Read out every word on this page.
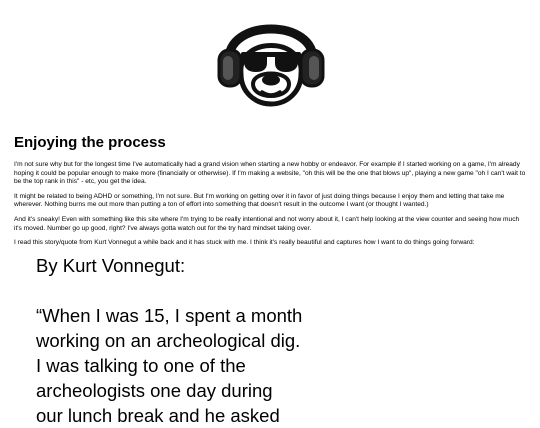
Enjoying the process

I'm not sure why but for the longest time I've automatically had a grand vision when starting a new hobby or endeavor. For example if I started working on a game, I'm already hoping it could be popular enough to make more (financially or otherwise). If I'm making a website, "oh this will be the one that blows up", playing a new game "oh I can't wait to be the top rank in this" - etc, you get the idea.

It might be related to being ADHD or something, I'm not sure. But I'm working on getting over it in favor of just doing things because I enjoy them and letting that take me wherever. Nothing burns me out more than putting a ton of effort into something that doesn't result in the outcome I want (or thought I wanted.)

And it's sneaky! Even with something like this site where I'm trying to be really intentional and not worry about it, I can't help looking at the view counter and seeing how much it's moved. Number go up good, right? I've always gotta watch out for the try hard mindset taking over.

I read this story/quote from Kurt Vonnegut a while back and it has stuck with me. I think it's really beautiful and captures how I want to do things going forward:

By Kurt Vonnegut:

“When I was 15, I spent a month

working on an archeological dig.

I was talking to one of the

archeologists one day during

our lunch break and he asked
